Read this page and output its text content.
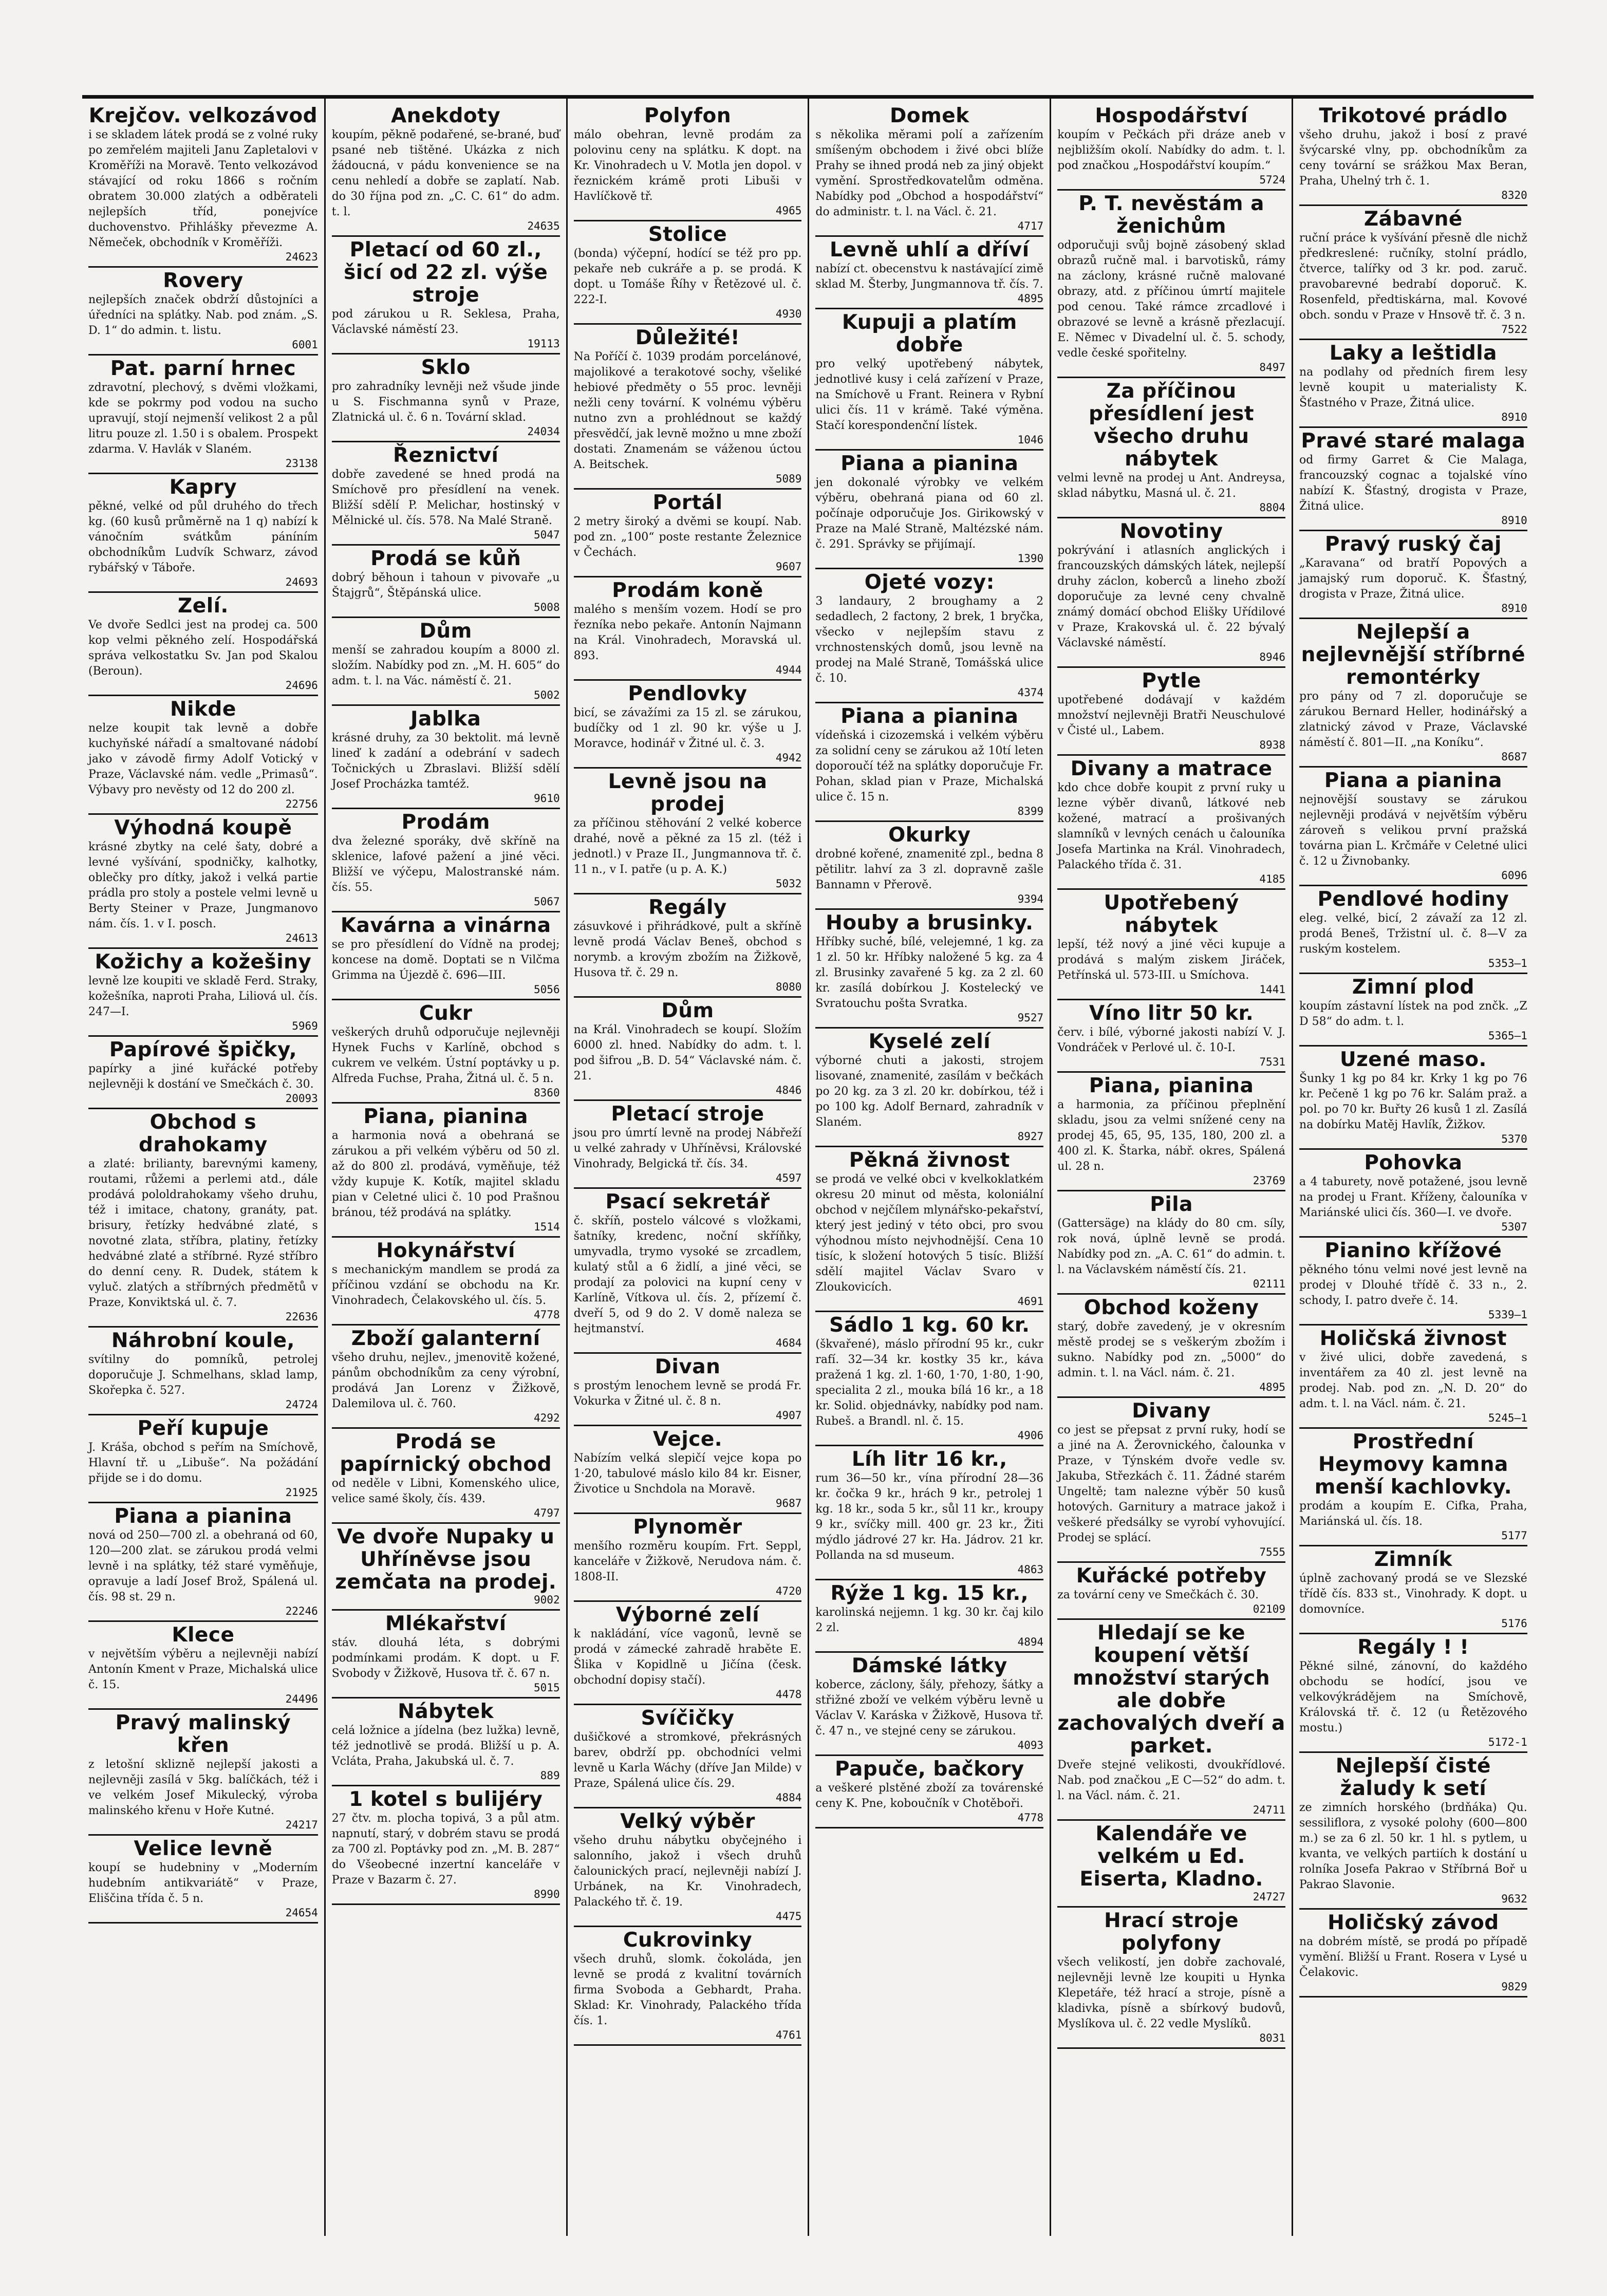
Krejčov. velkozávod
i se skladem látek prodá se z volné ruky po zemřelém majiteli Janu Zapletalovi v Kroměříži na Moravě. Tento velkozávod stávající od roku 1866 s ročním obratem 30.000 zlatých a odběrateli nejlepších tříd, ponejvíce duchovenstvo. Přihlášky převezme A. Němeček, obchodník v Kroměříži.
24623
Rovery
nejlepších značek obdrží důstojníci a úředníci na splátky. Nab. pod znám. „S. D. 1“ do admin. t. listu.
6001
Pat. parní hrnec
zdravotní, plechový, s dvěmi vložkami, kde se pokrmy pod vodou na sucho upravují, stojí nejmenší velikost 2 a půl litru pouze zl. 1.50 i s obalem. Prospekt zdarma. V. Havlák v Slaném.
23138
Kapry
pěkné, velké od půl druhého do třech kg. (60 kusů průměrně na 1 q) nabízí k vánočním svátkům páníním obchodníkům Ludvík Schwarz, závod rybářský v Táboře.
24693
Zelí.
Ve dvoře Sedlci jest na prodej ca. 500 kop velmi pěkného zelí. Hospodářská správa velkostatku Sv. Jan pod Skalou (Beroun).
24696
Nikde
nelze koupit tak levně a dobře kuchyňské nářadí a smaltované nádobí jako v závodě firmy Adolf Votický v Praze, Václavské nám. vedle „Primasů“. Výbavy pro nevěsty od 12 do 200 zl.
22756
Výhodná koupě
krásné zbytky na celé šaty, dobré a levné vyšívání, spodničky, kalhotky, oblečky pro dítky, jakož i velká partie prádla pro stoly a postele velmi levně u Berty Steiner v Praze, Jungmanovo nám. čís. 1. v I. posch.
24613
Kožichy a kožešiny
levně lze koupiti ve skladě Ferd. Straky, kožešníka, naproti Praha, Liliová ul. čís. 247—I.
5969
Papírové špičky,
papírky a jiné kuřácké potřeby nejlevněji k dostání ve Smečkách č. 30.
20093
Obchod s drahokamy
a zlaté: brilianty, barevnými kameny, routami, růžemi a perlemi atd., dále prodává pololdrahokamy všeho druhu, též i imitace, chatony, granáty, pat. brisury, řetízky hedvábné zlaté, s novotné zlata, stříbra, platiny, řetízky hedvábné zlaté a stříbrné. Ryzé stříbro do denní ceny. R. Dudek, státem k vyluč. zlatých a stříbrných předmětů v Praze, Konviktská ul. č. 7.
22636
Náhrobní koule,
svítilny do pomníků, petrolej doporučuje J. Schmelhans, sklad lamp, Skořepka č. 527.
24724
Peří kupuje
J. Kráša, obchod s peřím na Smíchově, Hlavní tř. u „Libuše“. Na požádání přijde se i do domu.
21925
Piana a pianina
nová od 250—700 zl. a obehraná od 60, 120—200 zlat. se zárukou prodá velmi levně i na splátky, též staré vyměňuje, opravuje a ladí Josef Brož, Spálená ul. čís. 98 st. 29 n.
22246
Klece
v největším výběru a nejlevněji nabízí Antonín Kment v Praze, Michalská ulice č. 15.
24496
Pravý malinský křen
z letošní sklizně nejlepší jakosti a nejlevněji zasílá v 5kg. balíčkách, též i ve velkém Josef Mikulecký, výroba malinského křenu v Hoře Kutné.
24217
Velice levně
koupí se hudebniny v „Moderním hudebním antikvariátě“ v Praze, Eliščina třída č. 5 n.
24654
Anekdoty
koupím, pěkně podařené, se-brané, buď psané neb tištěné. Ukázka z nich žádoucná, v pádu konvenience se na cenu nehledí a dobře se zaplatí. Nab. do 30 října pod zn. „C. C. 61“ do adm. t. l.
24635
Pletací od 60 zl., šicí od 22 zl. výše stroje
pod zárukou u R. Seklesa, Praha, Václavské náměstí 23.
19113
Sklo
pro zahradníky levněji než všude jinde u S. Fischmanna synů v Praze, Zlatnická ul. č. 6 n. Tovární sklad.
24034
Řeznictví
dobře zavedené se hned prodá na Smíchově pro přesídlení na venek. Bližší sdělí P. Melichar, hostinský v Mělnické ul. čís. 578. Na Malé Straně.
5047
Prodá se kůň
dobrý běhoun i tahoun v pivovaře „u Štajgrů“, Štěpánská ulice.
5008
Dům
menší se zahradou koupím a 8000 zl. složím. Nabídky pod zn. „M. H. 605“ do adm. t. l. na Vác. náměstí č. 21.
5002
Jablka
krásné druhy, za 30 bektolit. má levně lineď k zadání a odebrání v sadech Točnických u Zbraslavi. Bližší sdělí Josef Procházka tamtéž.
9610
Prodám
dva železné sporáky, dvě skříně na sklenice, lafové pažení a jiné věci. Bližší ve výčepu, Malostranské nám. čís. 55.
5067
Kavárna a vinárna
se pro přesídlení do Vídně na prodej; koncese na domě. Doptati se n Vilčma Grimma na Újezdě č. 696—III.
5056
Cukr
veškerých druhů odporučuje nejlevněji Hynek Fuchs v Karlíně, obchod s cukrem ve velkém. Ústní poptávky u p. Alfreda Fuchse, Praha, Žitná ul. č. 5 n.
8360
Piana, pianina
a harmonia nová a obehraná se zárukou a při velkém výběru od 50 zl. až do 800 zl. prodává, vyměňuje, též vždy kupuje K. Kotík, majitel skladu pian v Celetné ulici č. 10 pod Prašnou bránou, též prodává na splátky.
1514
Hokynářství
s mechanickým mandlem se prodá za příčinou vzdání se obchodu na Kr. Vinohradech, Čelakovského ul. čís. 5.
4778
Zboží galanterní
všeho druhu, nejlev., jmenovitě kožené, pánům obchodníkům za ceny výrobní, prodává Jan Lorenz v Žižkově, Dalemilova ul. č. 760.
4292
Prodá se papírnický obchod
od neděle v Libni, Komenského ulice, velice samé školy, čís. 439.
4797
Ve dvoře Nupaky u Uhříněvse jsou zemčata na prodej.
9002
Mlékařství
stáv. dlouhá léta, s dobrými podmínkami prodám. K dopt. u F. Svobody v Žižkově, Husova tř. č. 67 n.
5015
Nábytek
celá ložnice a jídelna (bez lužka) levně, též jednotlivě se prodá. Bližší u p. A. Vcláta, Praha, Jakubská ul. č. 7.
889
1 kotel s bulijéry
27 čtv. m. plocha topivá, 3 a půl atm. napnutí, starý, v dobrém stavu se prodá za 700 zl. Poptávky pod zn. „M. B. 287“ do Všeobecné inzertní kanceláře v Praze v Bazarm č. 27.
8990
Polyfon
málo obehran, levně prodám za polovinu ceny na splátku. K dopt. na Kr. Vinohradech u V. Motla jen dopol. v řeznickém krámě proti Libuši v Havlíčkově tř.
4965
Stolice
(bonda) výčepní, hodící se též pro pp. pekaře neb cukráře a p. se prodá. K dopt. u Tomáše Říhy v Řetězové ul. č. 222-I.
4930
Důležité!
Na Poříčí č. 1039 prodám porcelánové, majolikové a terakotové sochy, všeliké hebiové předměty o 55 proc. levněji nežli ceny tovární. K volnému výběru nutno zvn a prohlédnout se každý přesvědčí, jak levně možno u mne zboží dostati. Znamenám se váženou úctou A. Beitschek.
5089
Portál
2 metry široký a dvěmi se koupí. Nab. pod zn. „100“ poste restante Železnice v Čechách.
9607
Prodám koně
malého s menším vozem. Hodí se pro řezníka nebo pekaře. Antonín Najmann na Král. Vinohradech, Moravská ul. 893.
4944
Pendlovky
bicí, se závažími za 15 zl. se zárukou, budíčky od 1 zl. 90 kr. výše u J. Moravce, hodinář v Žitné ul. č. 3.
4942
Levně jsou na prodej
za příčinou stěhování 2 velké koberce drahé, nově a pěkné za 15 zl. (též i jednotl.) v Praze II., Jungmannova tř. č. 11 n., v I. patře (u p. A. K.)
5032
Regály
zásuvkové i přihrádkové, pult a skříně levně prodá Václav Beneš, obchod s norymb. a krovým zbožím na Žižkově, Husova tř. č. 29 n.
8080
Dům
na Král. Vinohradech se koupí. Složím 6000 zl. hned. Nabídky do adm. t. l. pod šifrou „B. D. 54“ Václavské nám. č. 21.
4846
Pletací stroje
jsou pro úmrtí levně na prodej Nábřeží u velké zahrady v Uhříněvsi, Královské Vinohrady, Belgická tř. čís. 34.
4597
Psací sekretář
č. skříň, postelo válcové s vložkami, šatníky, kredenc, noční skříňky, umyvadla, trymo vysoké se zrcadlem, kulatý stůl a 6 židlí, a jiné věci, se prodají za polovici na kupní ceny v Karlíně, Vítkova ul. čís. 2, přízemí č. dveří 5, od 9 do 2. V domě naleza se hejtmanství.
4684
Divan
s prostým lenochem levně se prodá Fr. Vokurka v Žitné ul. č. 8 n.
4907
Vejce.
Nabízím velká slepičí vejce kopa po 1·20, tabulové máslo kilo 84 kr. Eisner, Životice u Snchdola na Moravě.
9687
Plynoměr
menšího rozměru koupím. Frt. Seppl, kanceláře v Žižkově, Nerudova nám. č. 1808-II.
4720
Výborné zelí
k nakládání, více vagonů, levně se prodá v zámecké zahradě hraběte E. Šlika v Kopidlně u Jičína (česk. obchodní dopisy stačí).
4478
Svíčičky
dušičkové a stromkové, překrásných barev, obdrží pp. obchodníci velmi levně u Karla Wáchy (dříve Jan Milde) v Praze, Spálená ulice čís. 29.
4884
Velký výběr
všeho druhu nábytku obyčejného i salonního, jakož i všech druhů čalounických prací, nejlevněji nabízí J. Urbánek, na Kr. Vinohradech, Palackého tř. č. 19.
4475
Cukrovinky
všech druhů, slomk. čokoláda, jen levně se prodá z kvalitní továrních firma Svoboda a Gebhardt, Praha. Sklad: Kr. Vinohrady, Palackého třída čís. 1.
4761
Domek
s několika měrami polí a zařízením smíšeným obchodem i živé obci blíže Prahy se ihned prodá neb za jiný objekt vymění. Sprostředkovatelům odměna. Nabídky pod „Obchod a hospodářství“ do administr. t. l. na Václ. č. 21.
4717
Levně uhlí a dříví
nabízí ct. obecenstvu k nastávající zimě sklad M. Šterby, Jungmannova tř. čís. 7.
4895
Kupuji a platím dobře
pro velký upotřebený nábytek, jednotlivé kusy i celá zařízení v Praze, na Smíchově u Frant. Reinera v Rybní ulici čís. 11 v krámě. Také výměna. Stačí korespondenční lístek.
1046
Piana a pianina
jen dokonalé výrobky ve velkém výběru, obehraná piana od 60 zl. počínaje odporučuje Jos. Girikowský v Praze na Malé Straně, Maltézské nám. č. 291. Správky se přijímají.
1390
Ojeté vozy:
3 landaury, 2 broughamy a 2 sedadlech, 2 factony, 2 brek, 1 bryčka, všecko v nejlepším stavu z vrchnostenských domů, jsou levně na prodej na Malé Straně, Tomášská ulice č. 10.
4374
Piana a pianina
vídeňská i cizozemská i velkém výběru za solidní ceny se zárukou až 10tí leten doporoučí též na splátky doporučuje Fr. Pohan, sklad pian v Praze, Michalská ulice č. 15 n.
8399
Okurky
drobné kořené, znamenité zpl., bedna 8 pětilitr. lahví za 3 zl. dopravně zašle Bannamn v Přerově.
9394
Houby a brusinky.
Hříbky suché, bílé, velejemné, 1 kg. za 1 zl. 50 kr. Hříbky naložené 5 kg. za 4 zl. Brusinky zavařené 5 kg. za 2 zl. 60 kr. zasílá dobírkou J. Kostelecký ve Svratouchu pošta Svratka.
9527
Kyselé zelí
výborné chuti a jakosti, strojem lisované, znamenité, zasílám v bečkách po 20 kg. za 3 zl. 20 kr. dobírkou, též i po 100 kg. Adolf Bernard, zahradník v Slaném.
8927
Pěkná živnost
se prodá ve velké obci v kvelkoklatkém okresu 20 minut od města, koloniální obchod v nejčílem mlynářsko-pekařství, který jest jediný v této obci, pro svou výhodnou místo nejvhodnější. Cena 10 tisíc, k složení hotových 5 tisíc. Bližší sdělí majitel Václav Svaro v Zloukovicích.
4691
Sádlo 1 kg. 60 kr.
(škvařené), máslo přírodní 95 kr., cukr rafí. 32—34 kr. kostky 35 kr., káva pražená 1 kg. zl. 1·60, 1·70, 1·80, 1·90, specialita 2 zl., mouka bílá 16 kr., a 18 kr. Solid. objednávky, nabídky pod nam. Rubeš. a Brandl. nl. č. 15.
4906
Líh litr 16 kr.,
rum 36—50 kr., vína přírodní 28—36 kr. čočka 9 kr., hrách 9 kr., petrolej 1 kg. 18 kr., soda 5 kr., sůl 11 kr., kroupy 9 kr., svíčky mill. 400 gr. 23 kr., Žiti mýdlo jádrové 27 kr. Ha. Jádrov. 21 kr. Pollanda na sd museum.
4863
Rýže 1 kg. 15 kr.,
karolinská nejjemn. 1 kg. 30 kr. čaj kilo 2 zl.
4894
Dámské látky
koberce, záclony, šály, přehozy, šátky a střižné zboží ve velkém výběru levně u Václav V. Karáska v Žižkově, Husova tř. č. 47 n., ve stejné ceny se zárukou.
4093
Papuče, bačkory
a veškeré plstěné zboží za továrenské ceny K. Pne, koboučník v Chotěboři.
4778
Hospodářství
koupím v Pečkách při dráze aneb v nejbližším okolí. Nabídky do adm. t. l. pod značkou „Hospodářství koupím.“
5724
P. T. nevěstám a ženichům
odporučuji svůj bojně zásobený sklad obrazů ručně mal. i barvotisků, rámy na záclony, krásné ručně malované obrazy, atd. z příčinou úmrtí majitele pod cenou. Také rámce zrcadlové i obrazové se levně a krásně přezlacují. E. Němec v Divadelní ul. č. 5. schody, vedle české spořitelny.
8497
Za příčinou přesídlení jest všecho druhu nábytek
velmi levně na prodej u Ant. Andreysa, sklad nábytku, Masná ul. č. 21.
8804
Novotiny
pokrývání i atlasních anglických i francouzských dámských látek, nejlepší druhy záclon, koberců a lineho zboží doporučuje za levné ceny chvalně známý domácí obchod Elišky Uřídilové v Praze, Krakovská ul. č. 22 bývalý Václavské náměstí.
8946
Pytle
upotřebené dodávají v každém množství nejlevněji Bratři Neuschulové v Čisté ul., Labem.
8938
Divany a matrace
kdo chce dobře koupit z první ruky u lezne výběr divanů, látkové neb kožené, matrací a prošivaných slamníků v levných cenách u čalouníka Josefa Martinka na Král. Vinohradech, Palackého třída č. 31.
4185
Upotřebený nábytek
lepší, též nový a jiné věci kupuje a prodává s malým ziskem Jiráček, Petřínská ul. 573-III. u Smíchova.
1441
Víno litr 50 kr.
červ. i bílé, výborné jakosti nabízí V. J. Vondráček v Perlové ul. č. 10-I.
7531
Piana, pianina
a harmonia, za příčinou přeplnění skladu, jsou za velmi snížené ceny na prodej 45, 65, 95, 135, 180, 200 zl. a 400 zl. K. Štarka, nábř. okres, Spálená ul. 28 n.
23769
Pila
(Gattersäge) na klády do 80 cm. síly, rok nová, úplně levně se prodá. Nabídky pod zn. „A. C. 61“ do admin. t. l. na Václavském náměstí čís. 21.
02111
Obchod koženy
starý, dobře zavedený, je v okresním městě prodej se s veškerým zbožím i sukno. Nabídky pod zn. „5000“ do admin. t. l. na Václ. nám. č. 21.
4895
Divany
co jest se přepsat z první ruky, hodí se a jiné na A. Žerovnického, čalounka v Praze, v Týnském dvoře vedle sv. Jakuba, Střezkách č. 11. Žádné starém Ungeltě; tam nalezne výběr 50 kusů hotových. Garnitury a matrace jakož i veškeré předsálky se vyrobí vyhovující. Prodej se splácí.
7555
Kuřácké potřeby
za tovární ceny ve Smečkách č. 30.
02109
Hledají se ke koupení větší množství starých ale dobře zachovalých dveří a parket.
Dveře stejné velikosti, dvoukřídlové. Nab. pod značkou „E C—52“ do adm. t. l. na Václ. nám. č. 21.
24711
Kalendáře ve velkém u Ed. Eiserta, Kladno.
24727
Hrací stroje polyfony
všech velikostí, jen dobře zachovalé, nejlevněji levně lze koupiti u Hynka Klepetáře, též hrací a stroje, písně a kladivka, písně a sbírkový budovů, Myslíkova ul. č. 22 vedle Myslíků.
8031
Trikotové prádlo
všeho druhu, jakož i bosí z pravé švýcarské vlny, pp. obchodníkům za ceny tovární se srážkou Max Beran, Praha, Uhelný trh č. 1.
8320
Zábavné
ruční práce k vyšívání přesně dle nichž předkreslené: ručníky, stolní prádlo, čtverce, talířky od 3 kr. pod. zaruč. pravobarevné bedrabí doporuč. K. Rosenfeld, předtiskárna, mal. Kovové obch. sondu v Praze v Hnsově tř. č. 3 n.
7522
Laky a leštidla
na podlahy od předních firem lesy levně koupit u materialisty K. Šťastného v Praze, Žitná ulice.
8910
Pravé staré malaga
od firmy Garret & Cie Malaga, francouzský cognac a tojalské víno nabízí K. Šťastný, drogista v Praze, Žitná ulice.
8910
Pravý ruský čaj
„Karavana“ od bratří Popových a jamajský rum doporuč. K. Šťastný, drogista v Praze, Žitná ulice.
8910
Nejlepší a nejlevnější stříbrné remontérky
pro pány od 7 zl. doporučuje se zárukou Bernard Heller, hodinářský a zlatnický závod v Praze, Václavské náměstí č. 801—II. „na Koníku“.
8687
Piana a pianina
nejnovější soustavy se zárukou nejlevněji prodává v největším výběru zároveň s velikou první pražská továrna pian L. Krčmáře v Celetné ulici č. 12 u Živnobanky.
6096
Pendlové hodiny
eleg. velké, bicí, 2 závaží za 12 zl. prodá Beneš, Tržistní ul. č. 8—V za ruským kostelem.
5353—1
Zimní plod
koupím zástavní lístek na pod znčk. „Z D 58“ do adm. t. l.
5365—1
Uzené maso.
Šunky 1 kg po 84 kr. Krky 1 kg po 76 kr. Pečeně 1 kg po 76 kr. Salám praž. a pol. po 70 kr. Buřty 26 kusů 1 zl. Zasílá na dobírku Matěj Havlík, Žižkov.
5370
Pohovka
a 4 taburety, nově potažené, jsou levně na prodej u Frant. Kříženy, čalouníka v Mariánské ulici čís. 360—I. ve dvoře.
5307
Pianino křížové
pěkného tónu velmi nové jest levně na prodej v Dlouhé třídě č. 33 n., 2. schody, I. patro dveře č. 14.
5339—1
Holičská živnost
v živé ulici, dobře zavedená, s inventářem za 40 zl. jest levně na prodej. Nab. pod zn. „N. D. 20“ do adm. t. l. na Václ. nám. č. 21.
5245—1
Prostřední Heymovy kamna menší kachlovky.
prodám a koupím E. Cifka, Praha, Mariánská ul. čís. 18.
5177
Zimník
úplně zachovaný prodá se ve Slezské třídě čís. 833 st., Vinohrady. K dopt. u domovníce.
5176
Regály ! !
Pěkné silné, zánovní, do každého obchodu se hodící, jsou ve velkovýkrádějem na Smíchově, Královská tř. č. 12 (u Řetězového mostu.)
5172-1
Nejlepší čisté žaludy k setí
ze zimních horského (brdňáka) Qu. sessiliflora, z vysoké polohy (600—800 m.) se za 6 zl. 50 kr. 1 hl. s pytlem, u kvanta, ve velkých partiích k dostání u rolníka Josefa Pakrao v Stříbrná Boř u Pakrao Slavonie.
9632
Holičský závod
na dobrém místě, se prodá po případě vymění. Bližší u Frant. Rosera v Lysé u Čelakovic.
9829
